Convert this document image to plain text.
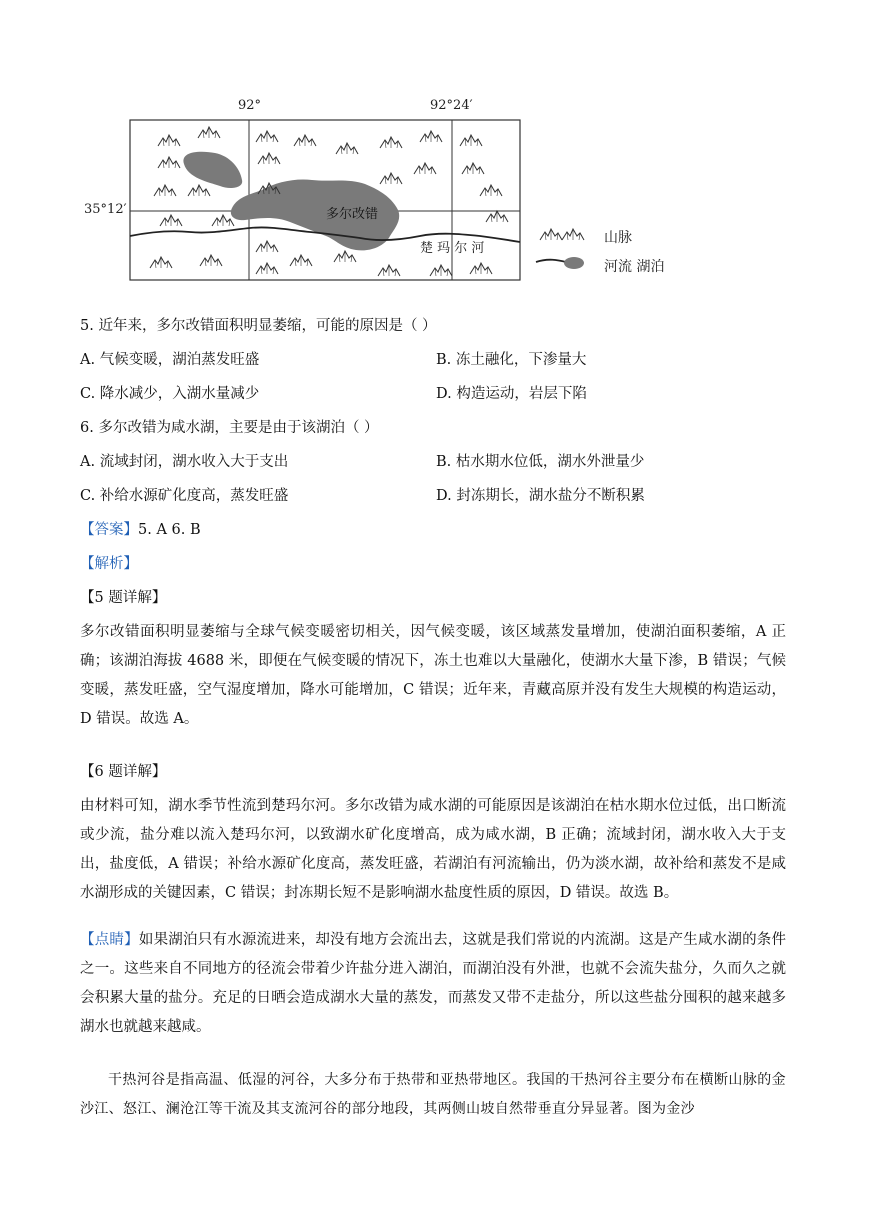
多尔改错
楚 玛 尔 河
山脉
河流 湖泊
92°	92°24′
35°12′
5. 近年来，多尔改错面积明显萎缩，可能的原因是（ ）
A. 气候变暖，湖泊蒸发旺盛	B. 冻土融化，下渗量大
C. 降水减少，入湖水量减少	D. 构造运动，岩层下陷
6. 多尔改错为咸水湖，主要是由于该湖泊（ ）
A. 流域封闭，湖水收入大于支出	B. 枯水期水位低，湖水外泄量少
C. 补给水源矿化度高，蒸发旺盛	D. 封冻期长，湖水盐分不断积累
【答案】5. A 6. B
【解析】
【5 题详解】
多尔改错面积明显萎缩与全球气候变暖密切相关，因气候变暖，该区域蒸发量增加，使湖泊面积萎缩，A 正确；该湖泊海拔 4688 米，即便在气候变暖的情况下，冻土也难以大量融化，使湖水大量下渗，B 错误；气候变暖，蒸发旺盛，空气湿度增加，降水可能增加，C 错误；近年来，青藏高原并没有发生大规模的构造运动，D 错误。故选 A。
【6 题详解】
由材料可知，湖水季节性流到楚玛尔河。多尔改错为咸水湖的可能原因是该湖泊在枯水期水位过低，出口断流或少流，盐分难以流入楚玛尔河，以致湖水矿化度增高，成为咸水湖，B 正确；流域封闭，湖水收入大于支出，盐度低，A 错误；补给水源矿化度高，蒸发旺盛，若湖泊有河流输出，仍为淡水湖，故补给和蒸发不是咸水湖形成的关键因素，C 错误；封冻期长短不是影响湖水盐度性质的原因，D 错误。故选 B。
【点睛】如果湖泊只有水源流进来，却没有地方会流出去，这就是我们常说的内流湖。这是产生咸水湖的条件之一。这些来自不同地方的径流会带着少许盐分进入湖泊，而湖泊没有外泄，也就不会流失盐分，久而久之就会积累大量的盐分。充足的日晒会造成湖水大量的蒸发，而蒸发又带不走盐分，所以这些盐分囤积的越来越多湖水也就越来越咸。
干热河谷是指高温、低湿的河谷，大多分布于热带和亚热带地区。我国的干热河谷主要分布在横断山脉的金沙江、怒江、澜沧江等干流及其支流河谷的部分地段，其两侧山坡自然带垂直分异显著。图为金沙
